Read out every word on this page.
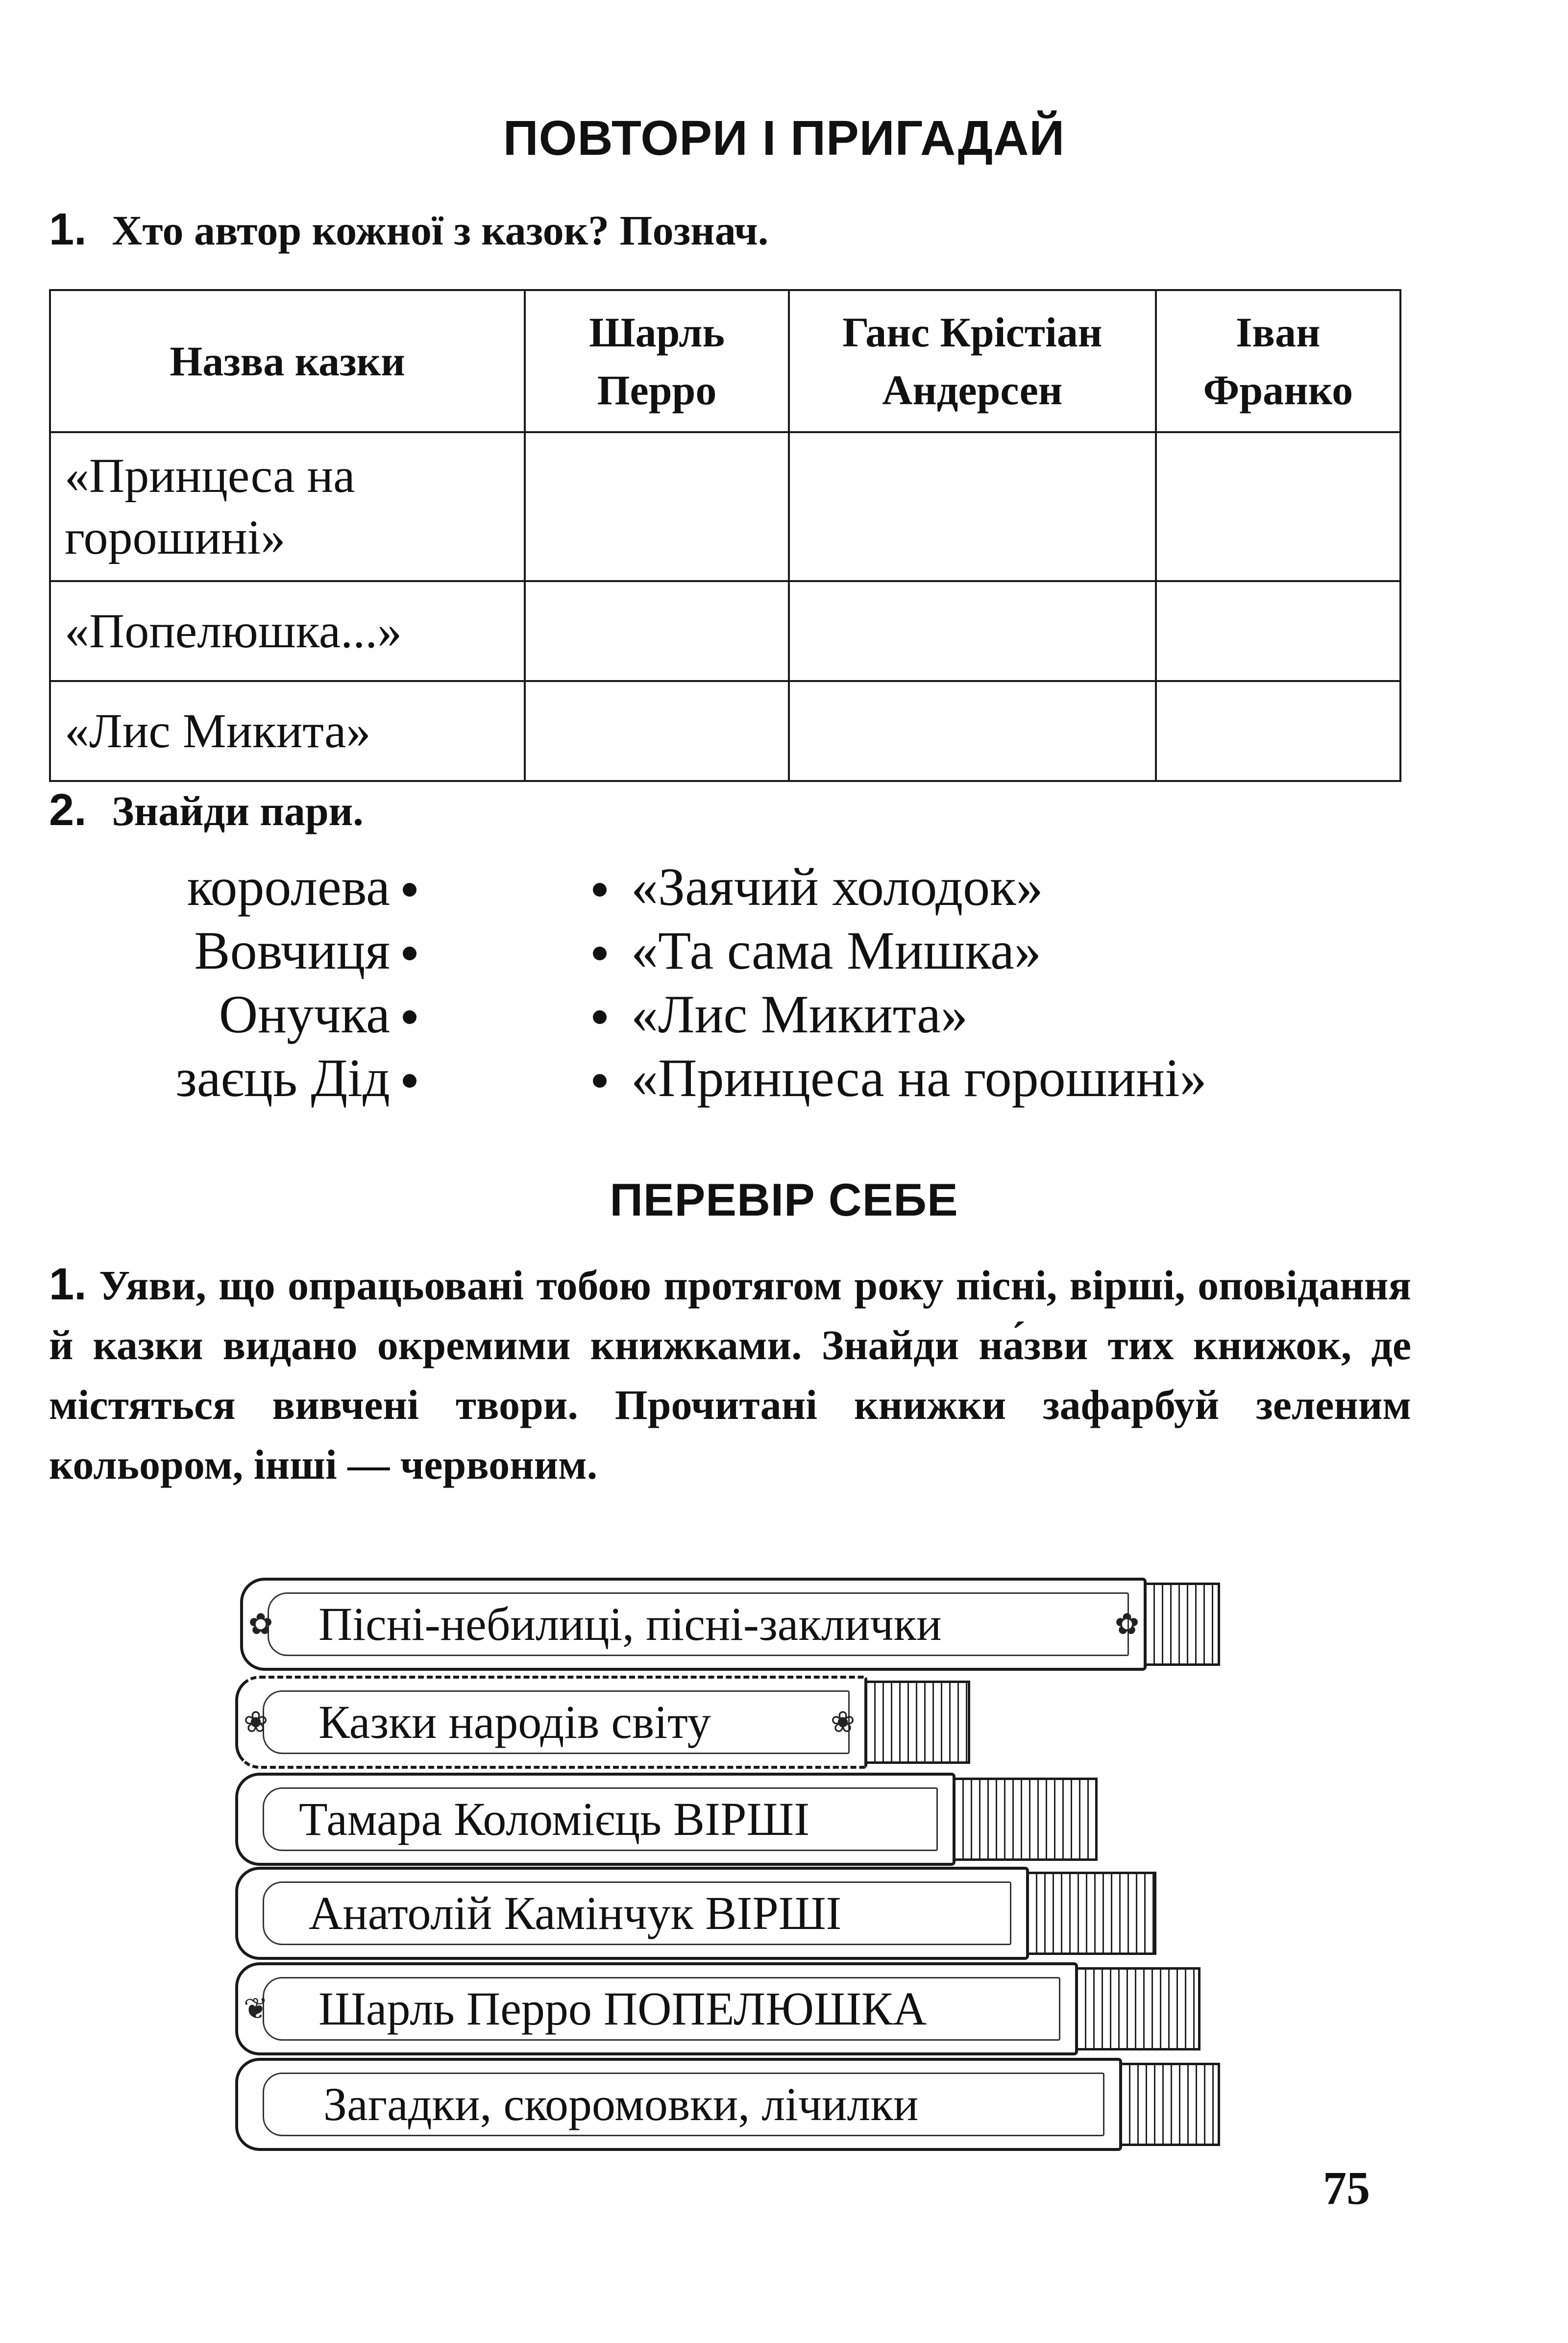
ПОВТОРИ І ПРИГАДАЙ
1. Хто автор кожної з казок? Познач.
Назва казки	Шарль Перро	Ганс Крістіан Андерсен	Іван Франко
«Принцеса на горошині»			
«Попелюшка...»			
«Лис Микита»			
2. Знайди пари.
королева
Вовчиця
Онучка
заєць Дід
«Заячий холодок»
«Та сама Мишка»
«Лис Микита»
«Принцеса на горошині»
ПЕРЕВІР СЕБЕ
1. Уяви, що опрацьовані тобою протягом року пісні, вірші, оповідання й казки видано окремими книжками. Знайди на́зви тих книжок, де містяться вивчені твори. Прочитані книжки зафарбуй зеленим кольором, інші — червоним.
✿	✿
Пісні-небилиці, пісні-заклички
❀	❀
Казки народів світу
Тамара Коломієць ВІРШІ
Анатолій Камінчук ВІРШІ
❦ Шарль Перро ПОПЕЛЮШКА
Загадки, скоромовки, лічилки
75
